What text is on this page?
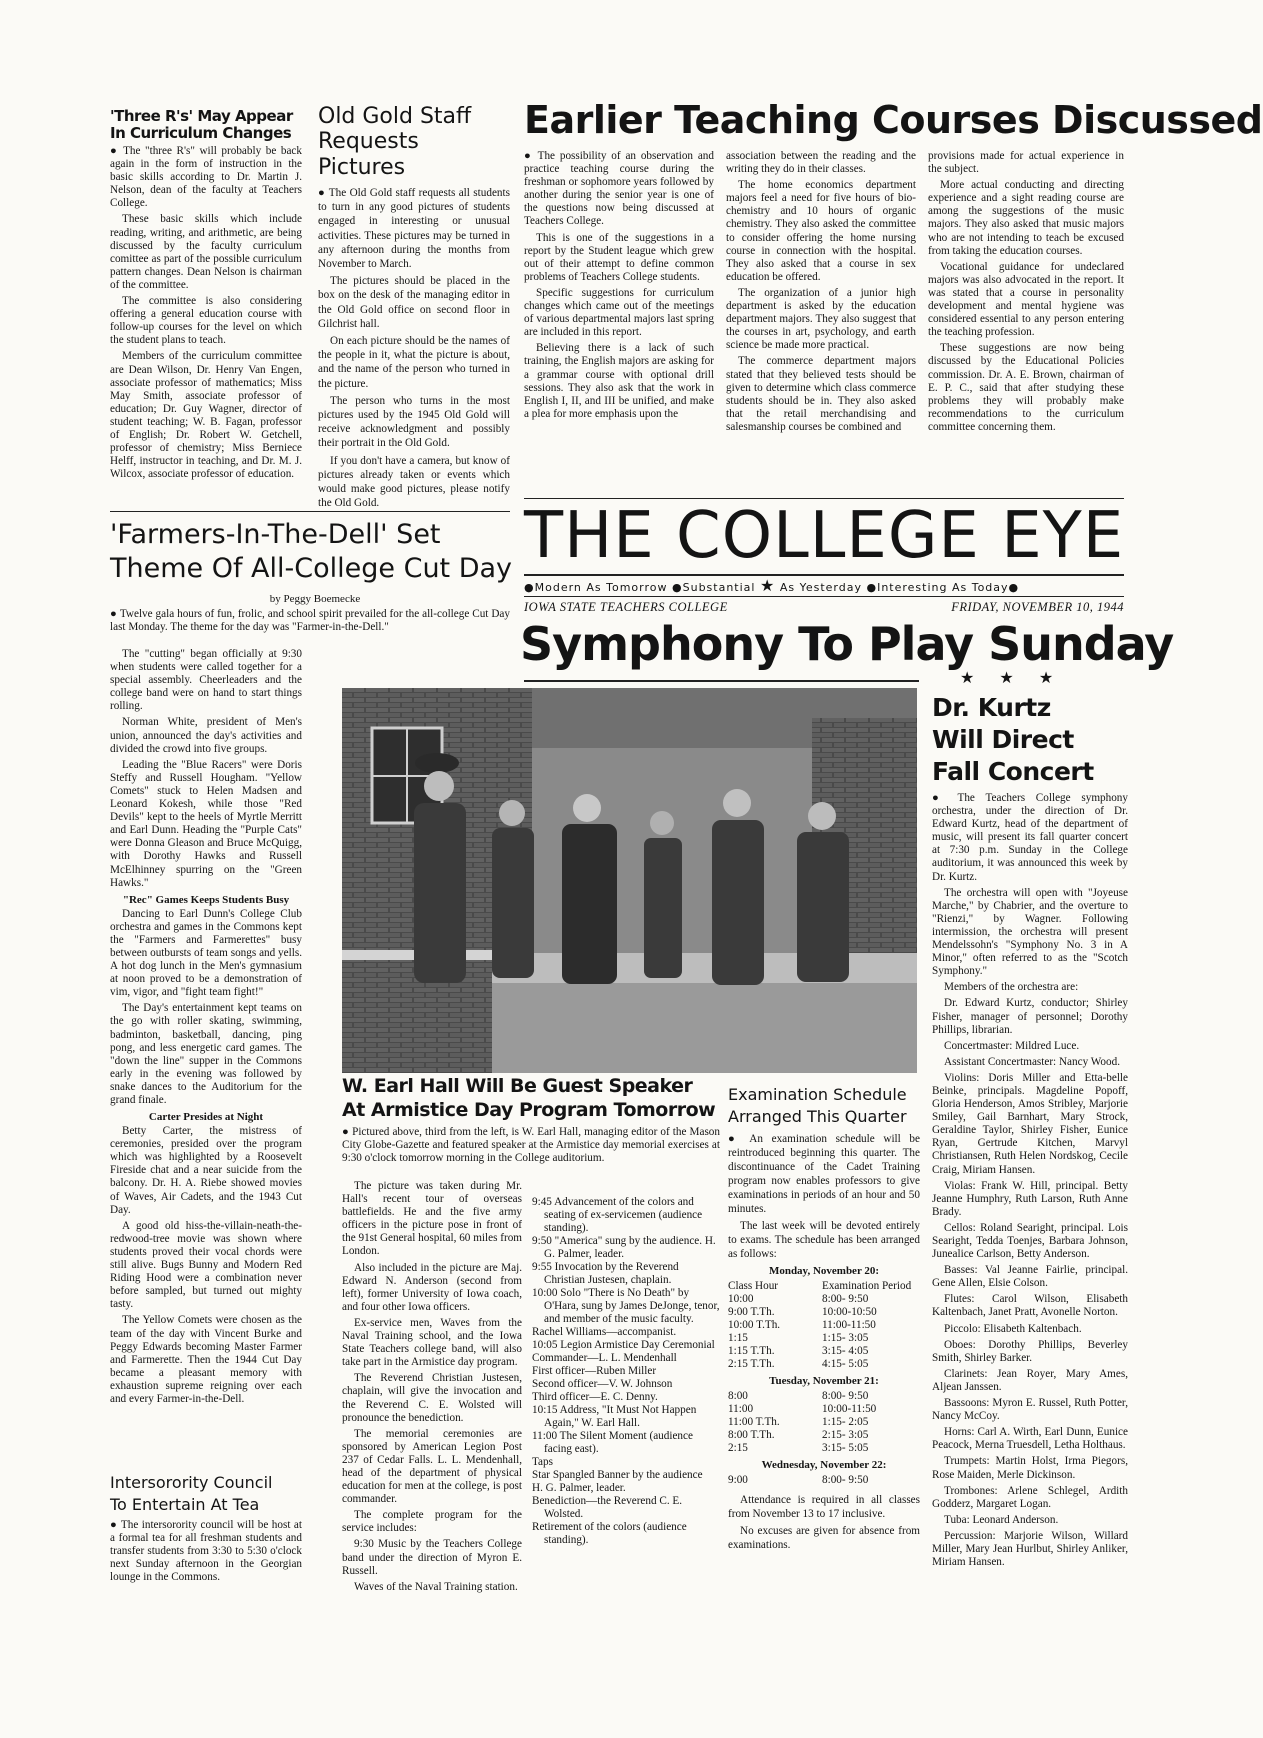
'Three R's' May Appear
In Curriculum Changes

● The "three R's" will probably be back again in the form of instruction in the basic skills according to Dr. Martin J. Nelson, dean of the faculty at Teachers College.

These basic skills which include reading, writing, and arithmetic, are being discussed by the faculty curriculum comittee as part of the possible curriculum pattern changes. Dean Nelson is chairman of the committee.

The committee is also considering offering a general education course with follow-up courses for the level on which the student plans to teach.

Members of the curriculum committee are Dean Wilson, Dr. Henry Van Engen, associate professor of mathematics; Miss May Smith, associate professor of education; Dr. Guy Wagner, director of student teaching; W. B. Fagan, professor of English; Dr. Robert W. Getchell, professor of chemistry; Miss Berniece Helff, instructor in teaching, and Dr. M. J. Wilcox, associate professor of education.

Old Gold Staff
Requests Pictures

● The Old Gold staff requests all students to turn in any good pictures of students engaged in interesting or unusual activities. These pictures may be turned in any afternoon during the months from November to March.

The pictures should be placed in the box on the desk of the managing editor in the Old Gold office on second floor in Gilchrist hall.

On each picture should be the names of the people in it, what the picture is about, and the name of the person who turned in the picture.

The person who turns in the most pictures used by the 1945 Old Gold will receive acknowledgment and possibly their portrait in the Old Gold.

If you don't have a camera, but know of pictures already taken or events which would make good pictures, please notify the Old Gold.

Earlier Teaching Courses Discussed

● The possibility of an observation and practice teaching course during the freshman or sophomore years followed by another during the senior year is one of the questions now being discussed at Teachers College.

This is one of the suggestions in a report by the Student league which grew out of their attempt to define common problems of Teachers College students.

Specific suggestions for curriculum changes which came out of the meetings of various departmental majors last spring are included in this report.

Believing there is a lack of such training, the English majors are asking for a grammar course with optional drill sessions. They also ask that the work in English I, II, and III be unified, and make a plea for more emphasis upon the

association between the reading and the writing they do in their classes.

The home economics department majors feel a need for five hours of bio-chemistry and 10 hours of organic chemistry. They also asked the committee to consider offering the home nursing course in connection with the hospital. They also asked that a course in sex education be offered.

The organization of a junior high department is asked by the education department majors. They also suggest that the courses in art, psychology, and earth science be made more practical.

The commerce department majors stated that they believed tests should be given to determine which class commerce students should be in. They also asked that the retail merchandising and salesmanship courses be combined and

provisions made for actual experience in the subject.

More actual conducting and directing experience and a sight reading course are among the suggestions of the music majors. They also asked that music majors who are not intending to teach be excused from taking the education courses.

Vocational guidance for undeclared majors was also advocated in the report. It was stated that a course in personality development and mental hygiene was considered essential to any person entering the teaching profession.

These suggestions are now being discussed by the Educational Policies commission. Dr. A. E. Brown, chairman of E. P. C., said that after studying these problems they will probably make recommendations to the curriculum committee concerning them.

THE COLLEGE EYE
●Modern As Tomorrow ●Substantial ★ As Yesterday ●Interesting As Today●
IOWA STATE TEACHERS COLLEGE	FRIDAY, NOVEMBER 10, 1944
'Farmers-In-The-Dell' Set
Theme Of All-College Cut Day
by Peggy Boemecke

● Twelve gala hours of fun, frolic, and school spirit prevailed for the all-college Cut Day last Monday. The theme for the day was "Farmer-in-the-Dell."

The "cutting" began officially at 9:30 when students were called together for a special assembly. Cheerleaders and the college band were on hand to start things rolling.

Norman White, president of Men's union, announced the day's activities and divided the crowd into five groups.

Leading the "Blue Racers" were Doris Steffy and Russell Hougham. "Yellow Comets" stuck to Helen Madsen and Leonard Kokesh, while those "Red Devils" kept to the heels of Myrtle Merritt and Earl Dunn. Heading the "Purple Cats" were Donna Gleason and Bruce McQuigg, with Dorothy Hawks and Russell McElhinney spurring on the "Green Hawks."

"Rec" Games Keeps Students Busy

Dancing to Earl Dunn's College Club orchestra and games in the Commons kept the "Farmers and Farmerettes" busy between outbursts of team songs and yells. A hot dog lunch in the Men's gymnasium at noon proved to be a demonstration of vim, vigor, and "fight team fight!"

The Day's entertainment kept teams on the go with roller skating, swimming, badminton, basketball, dancing, ping pong, and less energetic card games. The "down the line" supper in the Commons early in the evening was followed by snake dances to the Auditorium for the grand finale.

Carter Presides at Night

Betty Carter, the mistress of ceremonies, presided over the program which was highlighted by a Roosevelt Fireside chat and a near suicide from the balcony. Dr. H. A. Riebe showed movies of Waves, Air Cadets, and the 1943 Cut Day.

A good old hiss-the-villain-neath-the-redwood-tree movie was shown where students proved their vocal chords were still alive. Bugs Bunny and Modern Red Riding Hood were a combination never before sampled, but turned out mighty tasty.

The Yellow Comets were chosen as the team of the day with Vincent Burke and Peggy Edwards becoming Master Farmer and Farmerette. Then the 1944 Cut Day became a pleasant memory with exhaustion supreme reigning over each and every Farmer-in-the-Dell.

Intersorority Council
To Entertain At Tea

● The intersorority council will be host at a formal tea for all freshman students and transfer students from 3:30 to 5:30 o'clock next Sunday afternoon in the Georgian lounge in the Commons.

Symphony To Play Sunday
★ ★ ★
W. Earl Hall Will Be Guest Speaker
At Armistice Day Program Tomorrow

● Pictured above, third from the left, is W. Earl Hall, managing editor of the Mason City Globe-Gazette and featured speaker at the Armistice day memorial exercises at 9:30 o'clock tomorrow morning in the College auditorium.

The picture was taken during Mr. Hall's recent tour of overseas battlefields. He and the five army officers in the picture pose in front of the 91st General hospital, 60 miles from London.

Also included in the picture are Maj. Edward N. Anderson (second from left), former University of Iowa coach, and four other Iowa officers.

Ex-service men, Waves from the Naval Training school, and the Iowa State Teachers college band, will also take part in the Armistice day program.

The Reverend Christian Justesen, chaplain, will give the invocation and the Reverend C. E. Wolsted will pronounce the benediction.

The memorial ceremonies are sponsored by American Legion Post 237 of Cedar Falls. L. L. Mendenhall, head of the department of physical education for men at the college, is post commander.

The complete program for the service includes:

9:30 Music by the Teachers College band under the direction of Myron E. Russell.

Waves of the Naval Training station.

9:45 Advancement of the colors and seating of ex-servicemen (audience standing).
9:50 "America" sung by the audience. H. G. Palmer, leader.
9:55 Invocation by the Reverend Christian Justesen, chaplain.
10:00 Solo "There is No Death" by O'Hara, sung by James DeJonge, tenor, and member of the music faculty.
Rachel Williams—accompanist.
10:05 Legion Armistice Day Ceremonial
Commander—L. L. Mendenhall
First officer—Ruben Miller
Second officer—V. W. Johnson
Third officer—E. C. Denny.
10:15 Address, "It Must Not Happen Again," W. Earl Hall.
11:00 The Silent Moment (audience facing east).
Taps
Star Spangled Banner by the audience
H. G. Palmer, leader.
Benediction—the Reverend C. E. Wolsted.
Retirement of the colors (audience standing).
Examination Schedule
Arranged This Quarter

● An examination schedule will be reintroduced beginning this quarter. The discontinuance of the Cadet Training program now enables professors to give examinations in periods of an hour and 50 minutes.

The last week will be devoted entirely to exams. The schedule has been arranged as follows:

Monday, November 20:
Class Hour	Examination Period
10:00	8:00- 9:50
9:00 T.Th.	10:00-10:50
10:00 T.Th.	11:00-11:50
1:15	1:15- 3:05
1:15 T.Th.	3:15- 4:05
2:15 T.Th.	4:15- 5:05
Tuesday, November 21:
8:00	8:00- 9:50
11:00	10:00-11:50
11:00 T.Th.	1:15- 2:05
8:00 T.Th.	2:15- 3:05
2:15	3:15- 5:05
Wednesday, November 22:
9:00	8:00- 9:50

Attendance is required in all classes from November 13 to 17 inclusive.

No excuses are given for absence from examinations.

Dr. Kurtz
Will Direct
Fall Concert

● The Teachers College symphony orchestra, under the direction of Dr. Edward Kurtz, head of the department of music, will present its fall quarter concert at 7:30 p.m. Sunday in the College auditorium, it was announced this week by Dr. Kurtz.

The orchestra will open with "Joyeuse Marche," by Chabrier, and the overture to "Rienzi," by Wagner. Following intermission, the orchestra will present Mendelssohn's "Symphony No. 3 in A Minor," often referred to as the "Scotch Symphony."

Members of the orchestra are:

Dr. Edward Kurtz, conductor; Shirley Fisher, manager of personnel; Dorothy Phillips, librarian.

Concertmaster: Mildred Luce.

Assistant Concertmaster: Nancy Wood.

Violins: Doris Miller and Etta-belle Beinke, principals. Magdeline Popoff, Gloria Henderson, Amos Stribley, Marjorie Smiley, Gail Barnhart, Mary Strock, Geraldine Taylor, Shirley Fisher, Eunice Ryan, Gertrude Kitchen, Marvyl Christiansen, Ruth Helen Nordskog, Cecile Craig, Miriam Hansen.

Violas: Frank W. Hill, principal. Betty Jeanne Humphry, Ruth Larson, Ruth Anne Brady.

Cellos: Roland Searight, principal. Lois Searight, Tedda Toenjes, Barbara Johnson, Junealice Carlson, Betty Anderson.

Basses: Val Jeanne Fairlie, principal. Gene Allen, Elsie Colson.

Flutes: Carol Wilson, Elisabeth Kaltenbach, Janet Pratt, Avonelle Norton.

Piccolo: Elisabeth Kaltenbach.

Oboes: Dorothy Phillips, Beverley Smith, Shirley Barker.

Clarinets: Jean Royer, Mary Ames, Aljean Janssen.

Bassoons: Myron E. Russel, Ruth Potter, Nancy McCoy.

Horns: Carl A. Wirth, Earl Dunn, Eunice Peacock, Merna Truesdell, Letha Holthaus.

Trumpets: Martin Holst, Irma Piegors, Rose Maiden, Merle Dickinson.

Trombones: Arlene Schlegel, Ardith Godderz, Margaret Logan.

Tuba: Leonard Anderson.

Percussion: Marjorie Wilson, Willard Miller, Mary Jean Hurlbut, Shirley Anliker, Miriam Hansen.
